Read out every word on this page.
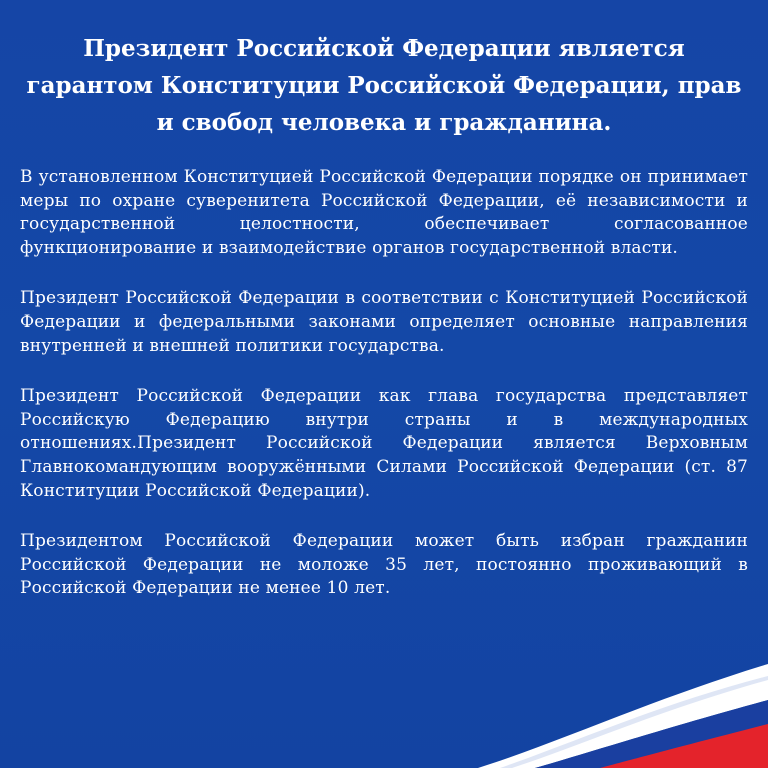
Президент Российской Федерации является гарантом Конституции Российской Федерации, прав и свобод человека и гражданина.

В установленном Конституцией Российской Федерации порядке он принимает меры по охране суверенитета Российской Федерации, её независимости и государственной целостности, обеспечивает согласованное функционирование и взаимодействие органов государственной власти.

Президент Российской Федерации в соответствии с Конституцией Российской Федерации и федеральными законами определяет основные направления внутренней и внешней политики государства.

Президент Российской Федерации как глава государства представляет Российскую Федерацию внутри страны и в международных отношениях.Президент Российской Федерации является Верховным Главнокомандующим вооружёнными Силами Российской Федерации (ст. 87 Конституции Российской Федерации).

Президентом Российской Федерации может быть избран гражданин Российской Федерации не моложе 35 лет, постоянно проживающий в Российской Федерации не менее 10 лет.
